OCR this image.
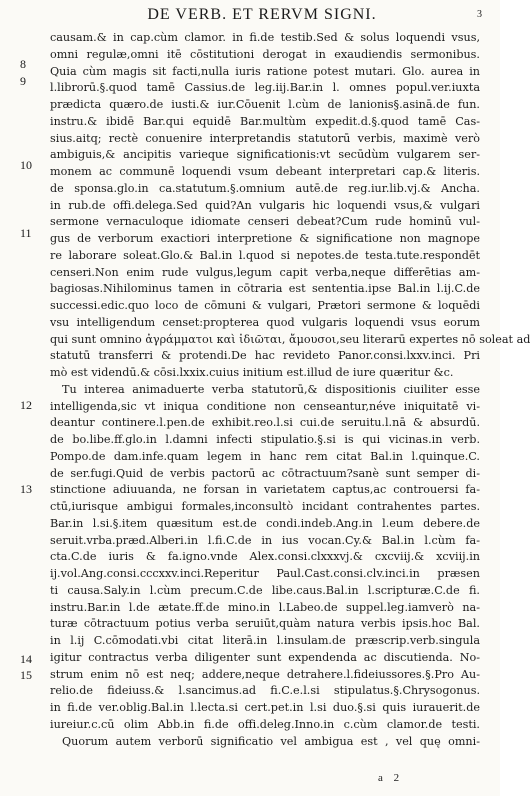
DE VERB. ET RERVM SIGNI.	3
8
9
10
11
12
13
14
15
causam.& in cap.cùm clamor. in fi.de testib.Sed & solus loquendi vsus,
omni regulæ,omni itē cōstitutioni derogat in exaudiendis sermonibus.
Quia cùm magis sit facti,nulla iuris ratione potest mutari. Glo. aurea in
l.librorū.§.quod tamē Cassius.de leg.iij.Bar.in l. omnes popul.ver.iuxta
prædicta quæro.de iusti.& iur.Cōuenit l.cùm de lanionis§.asinā.de fun.
instru.& ibidē Bar.qui equidē Bar.multùm expedit.d.§.quod tamē Cas-
sius.aitq; rectè conuenire interpretandis statutorū verbis, maximè verò
ambiguis,& ancipitis varieque significationis:vt secūdùm vulgarem ser-
monem ac communē loquendi vsum debeant interpretari cap.& literis.
de sponsa.glo.in ca.statutum.§.omnium autē.de reg.iur.lib.vj.& Ancha.
in rub.de offi.delega.Sed quid?An vulgaris hic loquendi vsus,& vulgari
sermone vernaculoque idiomate censeri debeat?Cum rude hominū vul-
gus de verborum exactiori interpretione & significatione non magnope
re laborare soleat.Glo.& Bal.in l.quod si nepotes.de testa.tute.respondēt
censeri.Non enim rude vulgus,legum capit verba,neque differētias am-
bagiosas.Nihilominus tamen in cōtraria est sententia.ipse Bal.in l.ij.C.de
successi.edic.quo loco de cōmuni & vulgari, Prætori sermone & loquēdi
vsu intelligendum censet:propterea quod vulgaris loquendi vsus eorum
qui sunt omnino ἀγράμματοι καὶ ἰδιῶται, ἄμουσοι,seu literarū expertes nō soleat ad
statutū transferri & protendi.De hac revideto Panor.consi.lxxv.inci. Pri
mò est videndū.& cōsi.lxxix.cuius initium est.illud de iure quæritur &c.
Tu interea animaduerte verba statutorū,& dispositionis ciuiliter esse
intelligenda,sic vt iniqua conditione non censeantur,néve iniquitatē vi-
deantur continere.l.pen.de exhibit.reo.l.si cui.de seruitu.l.nā & absurdū.
de bo.libe.ff.glo.in l.damni infecti stipulatio.§.si is qui vicinas.in verb.
Pompo.de dam.infe.quam legem in hanc rem citat Bal.in l.quinque.C.
de ser.fugi.Quid de verbis pactorū ac cōtractuum?sanè sunt semper di-
stinctione adiuuanda, ne forsan in varietatem captus,ac controuersi fa-
ctū,iurisque ambigui formales,inconsultò incidant contrahentes partes.
Bar.in l.si.§.item quæsitum est.de condi.indeb.Ang.in l.eum debere.de
seruit.vrba.præd.Alberi.in l.fi.C.de in ius vocan.Cy.& Bal.in l.cùm fa-
cta.C.de iuris & fa.igno.vnde Alex.consi.clxxxvj.& cxcviij.& xcviij.in
ij.vol.Ang.consi.cccxxv.inci.Reperitur Paul.Cast.consi.clv.inci.in præsen
ti causa.Saly.in l.cùm precum.C.de libe.caus.Bal.in l.scripturæ.C.de fi.
instru.Bar.in l.de ætate.ff.de mino.in l.Labeo.de suppel.leg.iamverò na-
turæ cōtractuum potius verba seruiūt,quàm natura verbis ipsis.hoc Bal.
in l.ij C.cōmodati.vbi citat literā.in l.insulam.de præscrip.verb.singula
igitur contractus verba diligenter sunt expendenda ac discutienda. No-
strum enim nō est neq; addere,neque detrahere.l.fideiussores.§.Pro Au-
relio.de fideiuss.& l.sancimus.ad fi.C.e.l.si stipulatus.§.Chrysogonus.
in fi.de ver.oblig.Bal.in l.lecta.si cert.pet.in l.si duo.§.si quis iurauerit.de
iureiur.c.cū olim Abb.in fi.de offi.deleg.Inno.in c.cùm clamor.de testi.
Quorum autem verborū significatio vel ambigua est , vel quę omni-
a 2
